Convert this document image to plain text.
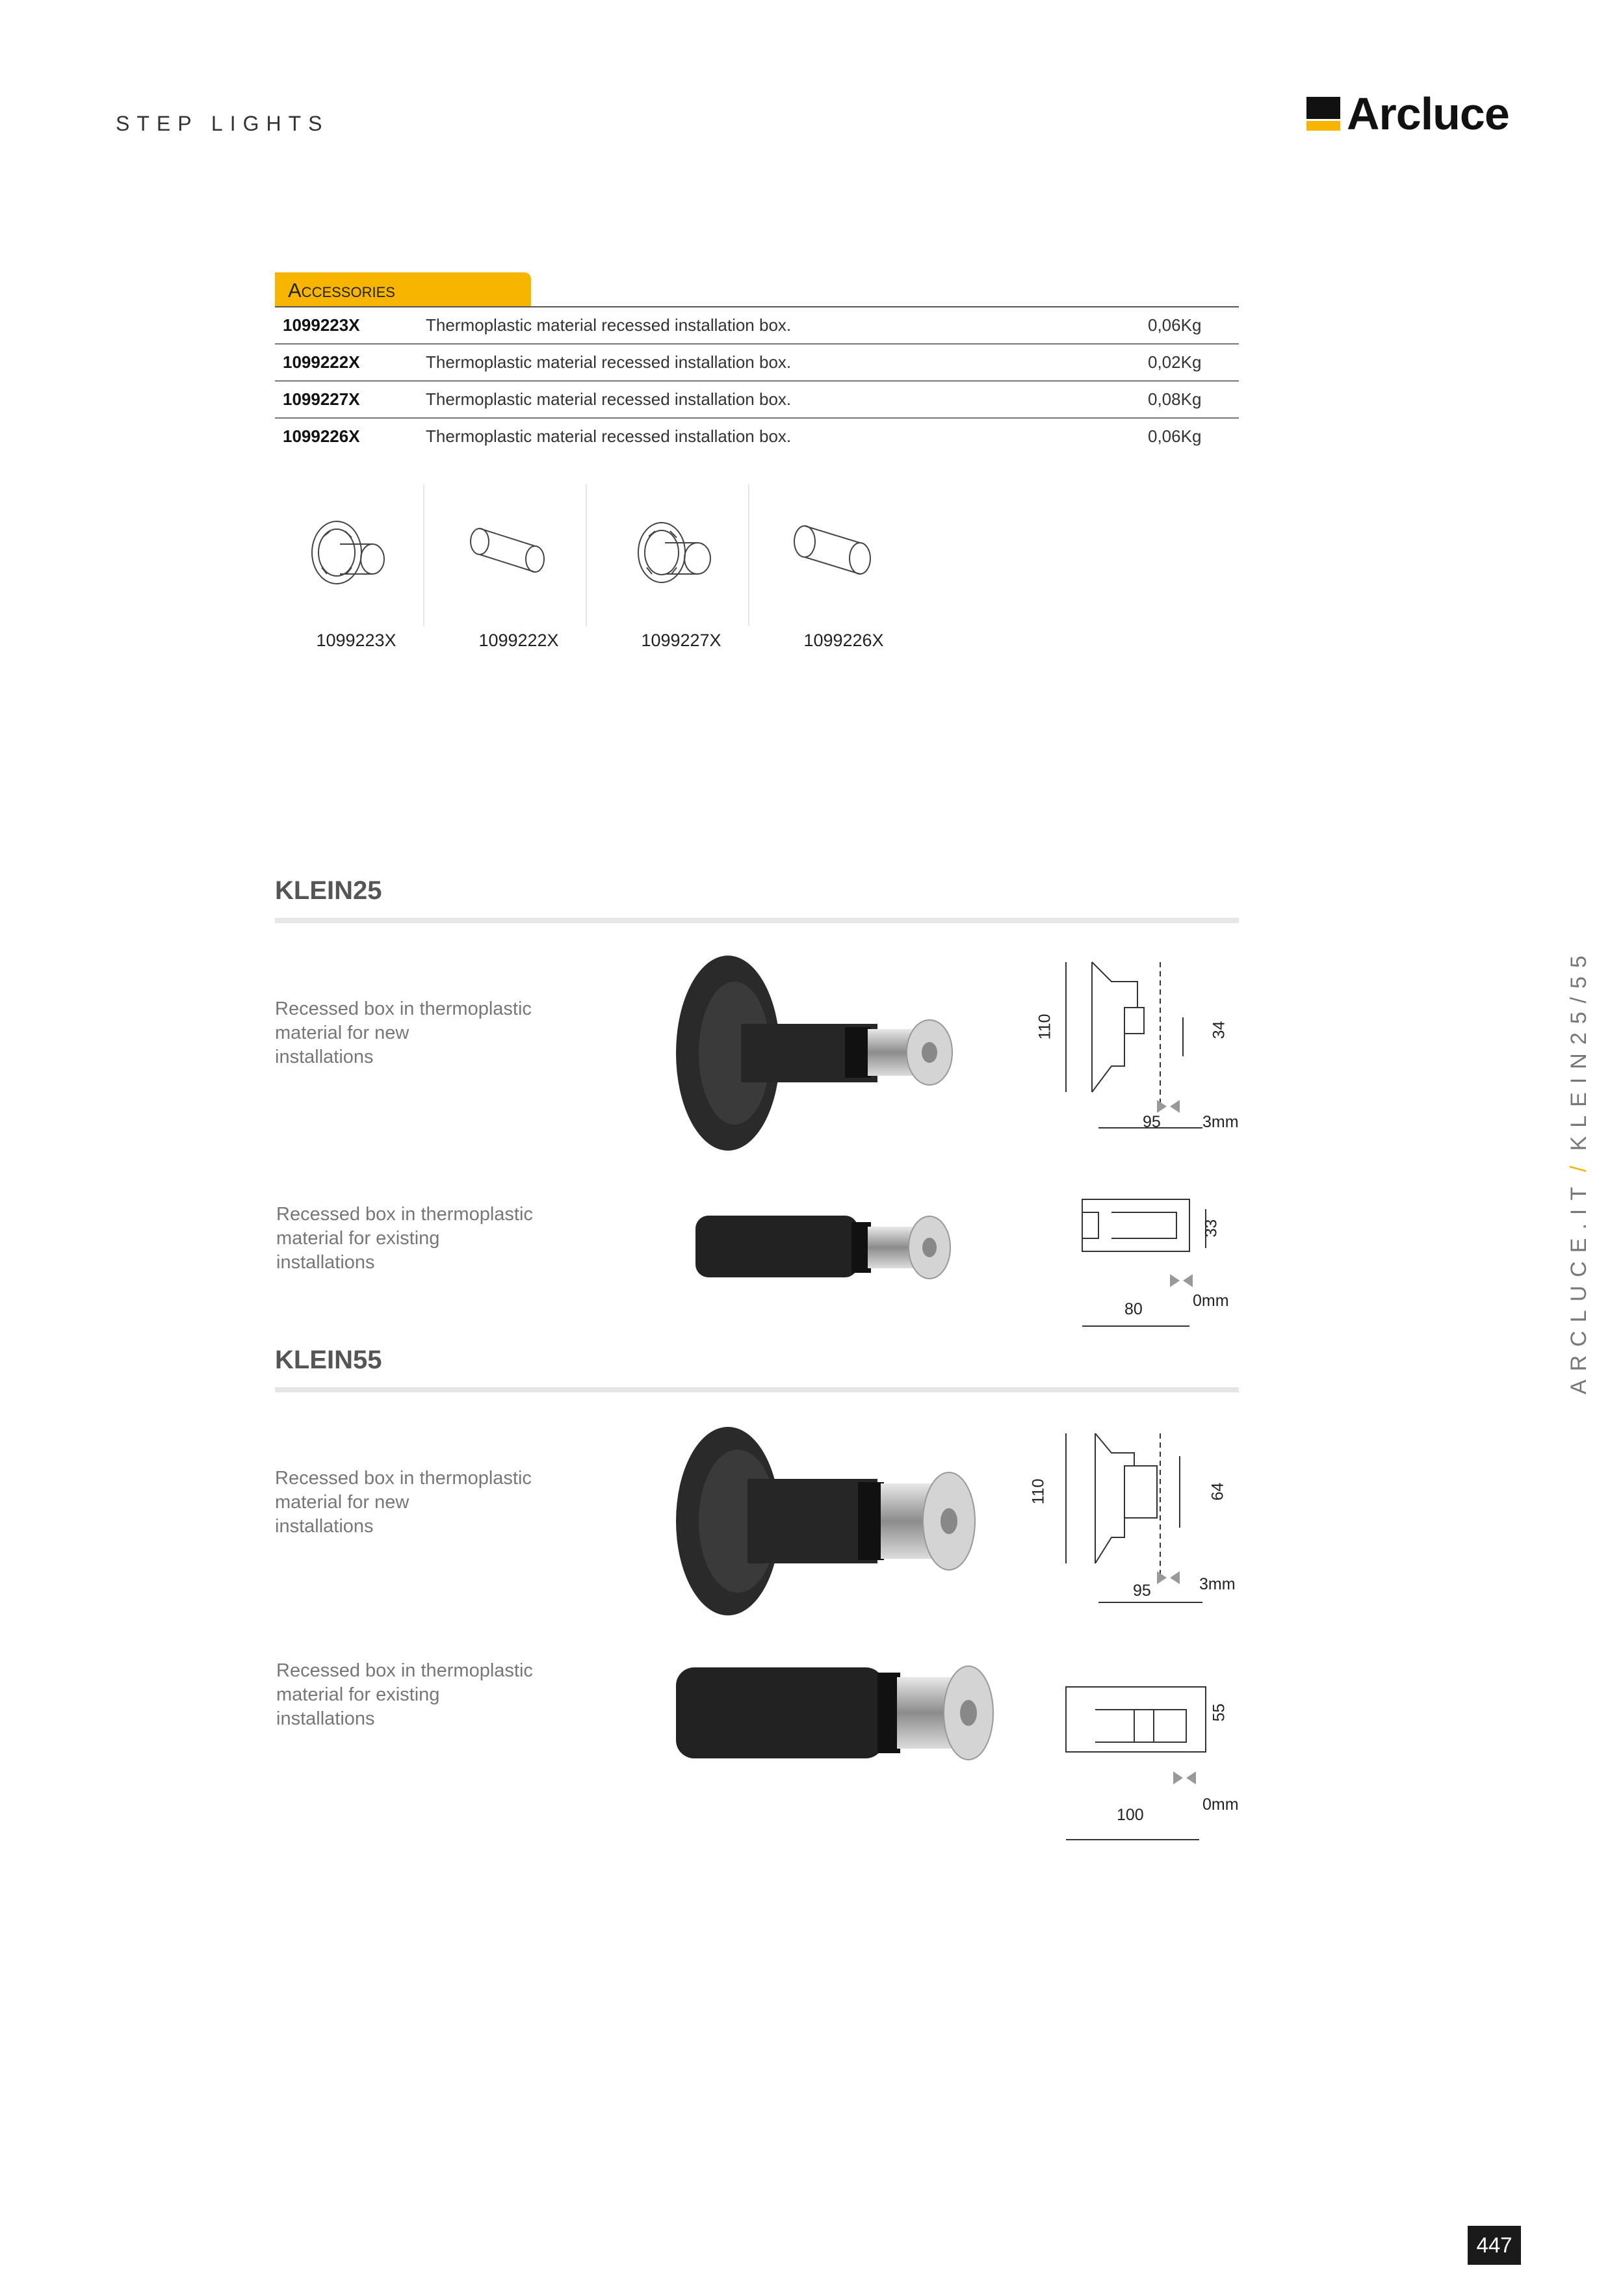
STEP LIGHTS	Arcluce
Accessories
1099223X	Thermoplastic material recessed installation box.	0,06Kg
1099222X	Thermoplastic material recessed installation box.	0,02Kg
1099227X	Thermoplastic material recessed installation box.	0,08Kg
1099226X	Thermoplastic material recessed installation box.	0,06Kg
1099223X	1099222X	1099227X	1099226X
KLEIN25
Recessed box in thermoplastic
material for new
installations
110	34
95	3mm
Recessed box in thermoplastic
material for existing
installations
33
80	0mm
KLEIN55
Recessed box in thermoplastic
material for new
installations
110	64
95	3mm
Recessed box in thermoplastic
material for existing
installations	55
100
0mm
ARCLUCE.IT/KLEIN25/55
447
